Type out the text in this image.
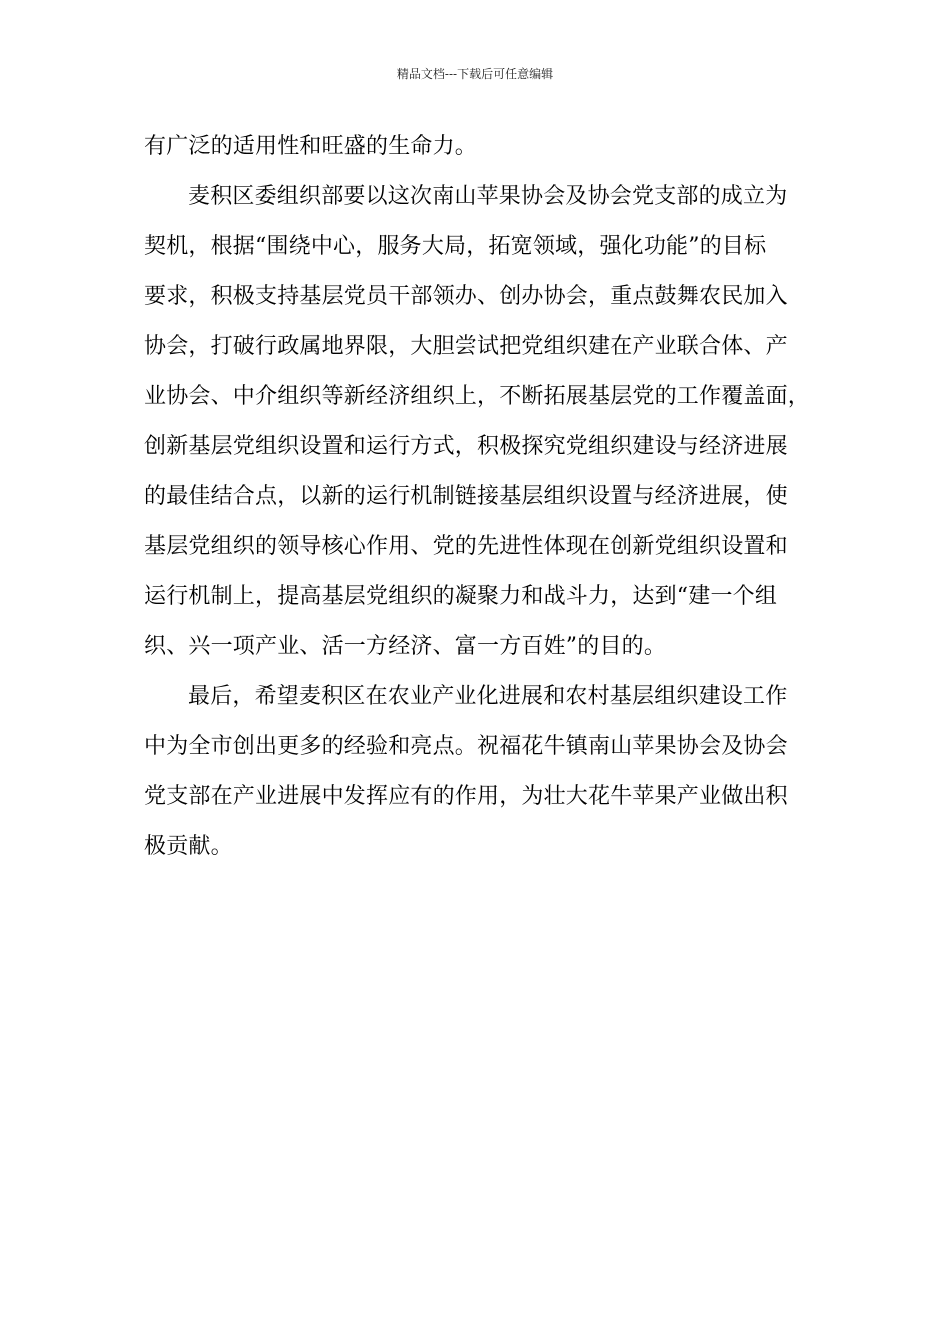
精品文档---下载后可任意编辑
有广泛的适用性和旺盛的生命力。
麦积区委组织部要以这次南山苹果协会及协会党支部的成立为
契机，根据“围绕中心，服务大局，拓宽领域，强化功能”的目标
要求，积极支持基层党员干部领办、创办协会，重点鼓舞农民加入
协会，打破行政属地界限，大胆尝试把党组织建在产业联合体、产
业协会、中介组织等新经济组织上，不断拓展基层党的工作覆盖面，
创新基层党组织设置和运行方式，积极探究党组织建设与经济进展
的最佳结合点，以新的运行机制链接基层组织设置与经济进展，使
基层党组织的领导核心作用、党的先进性体现在创新党组织设置和
运行机制上，提高基层党组织的凝聚力和战斗力，达到“建一个组
织、兴一项产业、活一方经济、富一方百姓”的目的。
最后，希望麦积区在农业产业化进展和农村基层组织建设工作
中为全市创出更多的经验和亮点。祝福花牛镇南山苹果协会及协会
党支部在产业进展中发挥应有的作用，为壮大花牛苹果产业做出积
极贡献。
